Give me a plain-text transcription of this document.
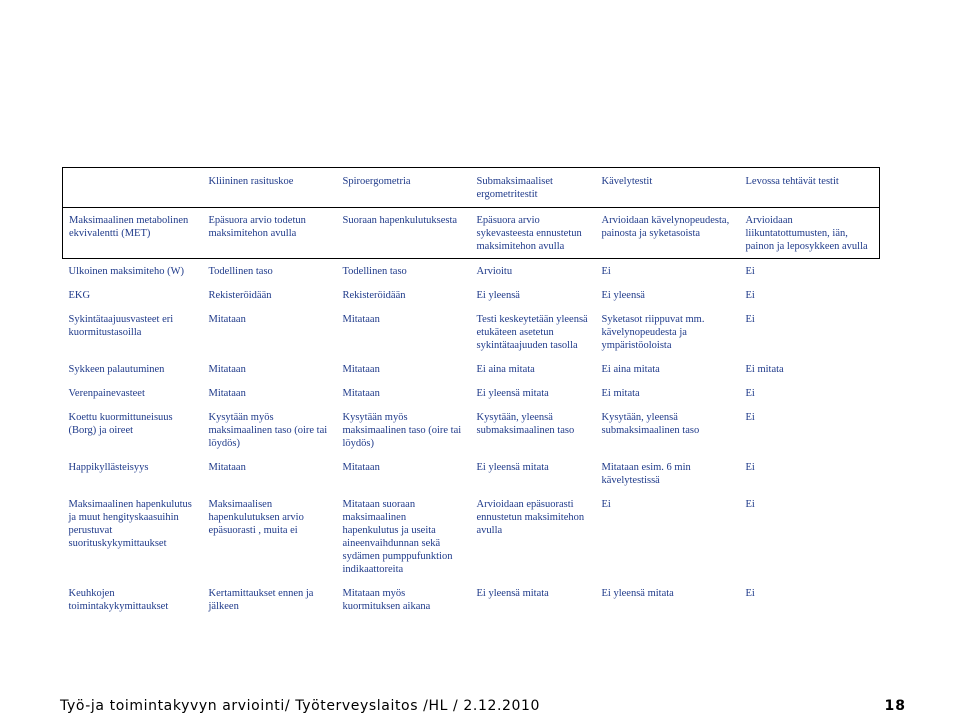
	Kliininen rasituskoe	Spiroergometria	Submaksimaaliset ergometritestit	Kävelytestit	Levossa tehtävät testit
Maksimaalinen metabolinen ekvivalentti (MET)	Epäsuora arvio todetun maksimitehon avulla	Suoraan hapenkulutuksesta	Epäsuora arvio sykevasteesta ennustetun maksimitehon avulla	Arvioidaan kävelynopeudesta, painosta ja syketasoista	Arvioidaan liikuntatottumusten, iän, painon ja leposykkeen avulla
Ulkoinen maksimiteho (W)	Todellinen taso	Todellinen taso	Arvioitu	Ei	Ei
EKG	Rekisteröidään	Rekisteröidään	Ei yleensä	Ei yleensä	Ei
Sykintätaajuusvasteet eri kuormitustasoilla	Mitataan	Mitataan	Testi keskeytetään yleensä etukäteen asetetun sykintätaajuuden tasolla	Syketasot riippuvat mm. kävelynopeudesta ja ympäristöoloista	Ei
Sykkeen palautuminen	Mitataan	Mitataan	Ei aina mitata	Ei aina mitata	Ei mitata
Verenpainevasteet	Mitataan	Mitataan	Ei yleensä mitata	Ei mitata	Ei
Koettu kuormittuneisuus (Borg) ja oireet	Kysytään myös maksimaalinen taso (oire tai löydös)	Kysytään myös maksimaalinen taso (oire tai löydös)	Kysytään, yleensä submaksimaalinen taso	Kysytään, yleensä submaksimaalinen taso	Ei
Happikyllästeisyys	Mitataan	Mitataan	Ei yleensä mitata	Mitataan esim. 6 min kävelytestissä	Ei
Maksimaalinen hapenkulutus ja muut hengityskaasuihin perustuvat suorituskykymittaukset	Maksimaalisen hapenkulutuksen arvio epäsuorasti , muita ei	Mitataan suoraan maksimaalinen hapenkulutus ja useita aineenvaihdunnan sekä sydämen pumppufunktion indikaattoreita	Arvioidaan epäsuorasti ennustetun maksimitehon avulla	Ei	Ei
Keuhkojen toimintakykymittaukset	Kertamittaukset ennen ja jälkeen	Mitataan myös kuormituksen aikana	Ei yleensä mitata	Ei yleensä mitata	Ei
Työ-ja toimintakyvyn arviointi/ Työterveyslaitos /HL / 2.12.2010	18
